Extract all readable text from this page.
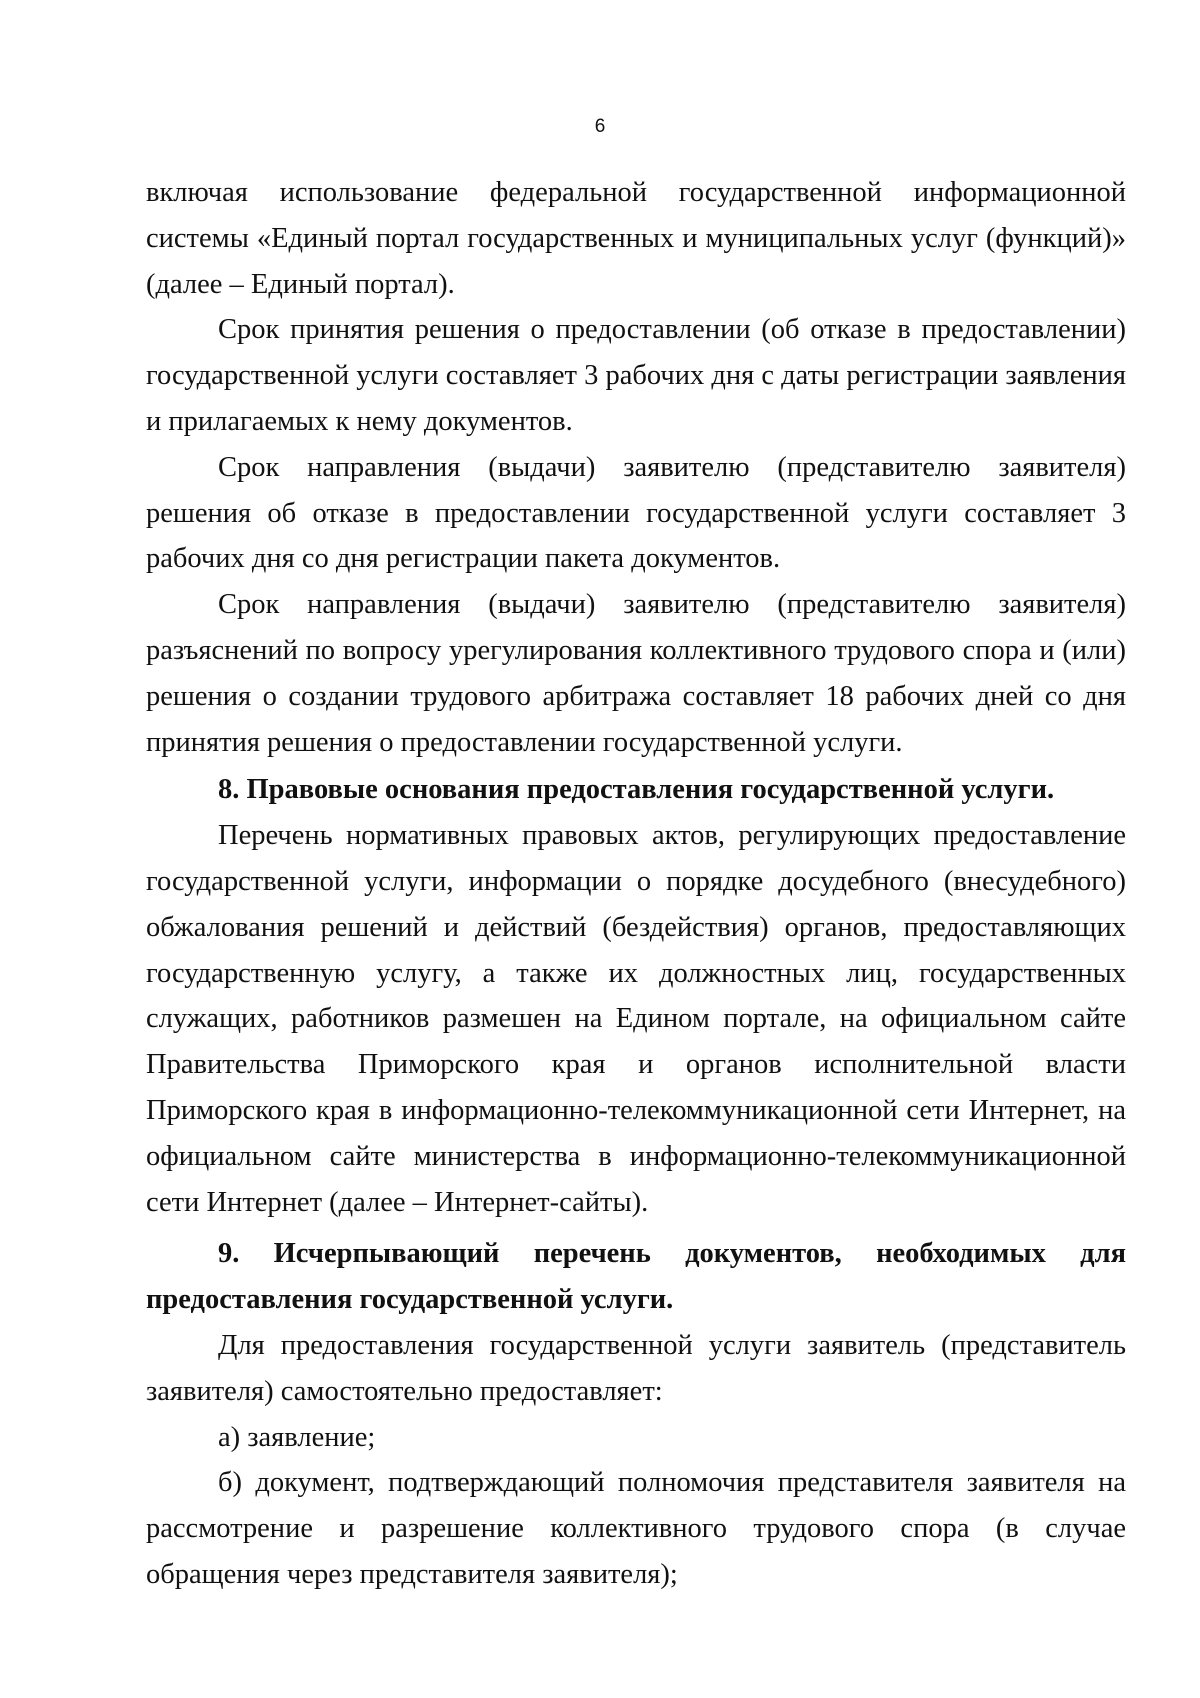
6

включая использование федеральной государственной информационной системы «Единый портал государственных и муниципальных услуг (функций)» (далее – Единый портал).

Срок принятия решения о предоставлении (об отказе в предоставлении) государственной услуги составляет 3 рабочих дня с даты регистрации заявления и прилагаемых к нему документов.

Срок направления (выдачи) заявителю (представителю заявителя) решения об отказе в предоставлении государственной услуги составляет 3 рабочих дня со дня регистрации пакета документов.

Срок направления (выдачи) заявителю (представителю заявителя) разъяснений по вопросу урегулирования коллективного трудового спора и (или) решения о создании трудового арбитража составляет 18 рабочих дней со дня принятия решения о предоставлении государственной услуги.

8. Правовые основания предоставления государственной услуги.

Перечень нормативных правовых актов, регулирующих предоставление государственной услуги, информации о порядке досудебного (внесудебного) обжалования решений и действий (бездействия) органов, предоставляющих государственную услугу, а также их должностных лиц, государственных служащих, работников размешен на Едином портале, на официальном сайте Правительства Приморского края и органов исполнительной власти Приморского края в информационно-телекоммуникационной сети Интернет, на официальном сайте министерства в информационно-телекоммуникационной сети Интернет (далее – Интернет-сайты).

9. Исчерпывающий перечень документов, необходимых для предоставления государственной услуги.

Для предоставления государственной услуги заявитель (представитель заявителя) самостоятельно предоставляет:

а) заявление;

б) документ, подтверждающий полномочия представителя заявителя на рассмотрение и разрешение коллективного трудового спора (в случае обращения через представителя заявителя);
